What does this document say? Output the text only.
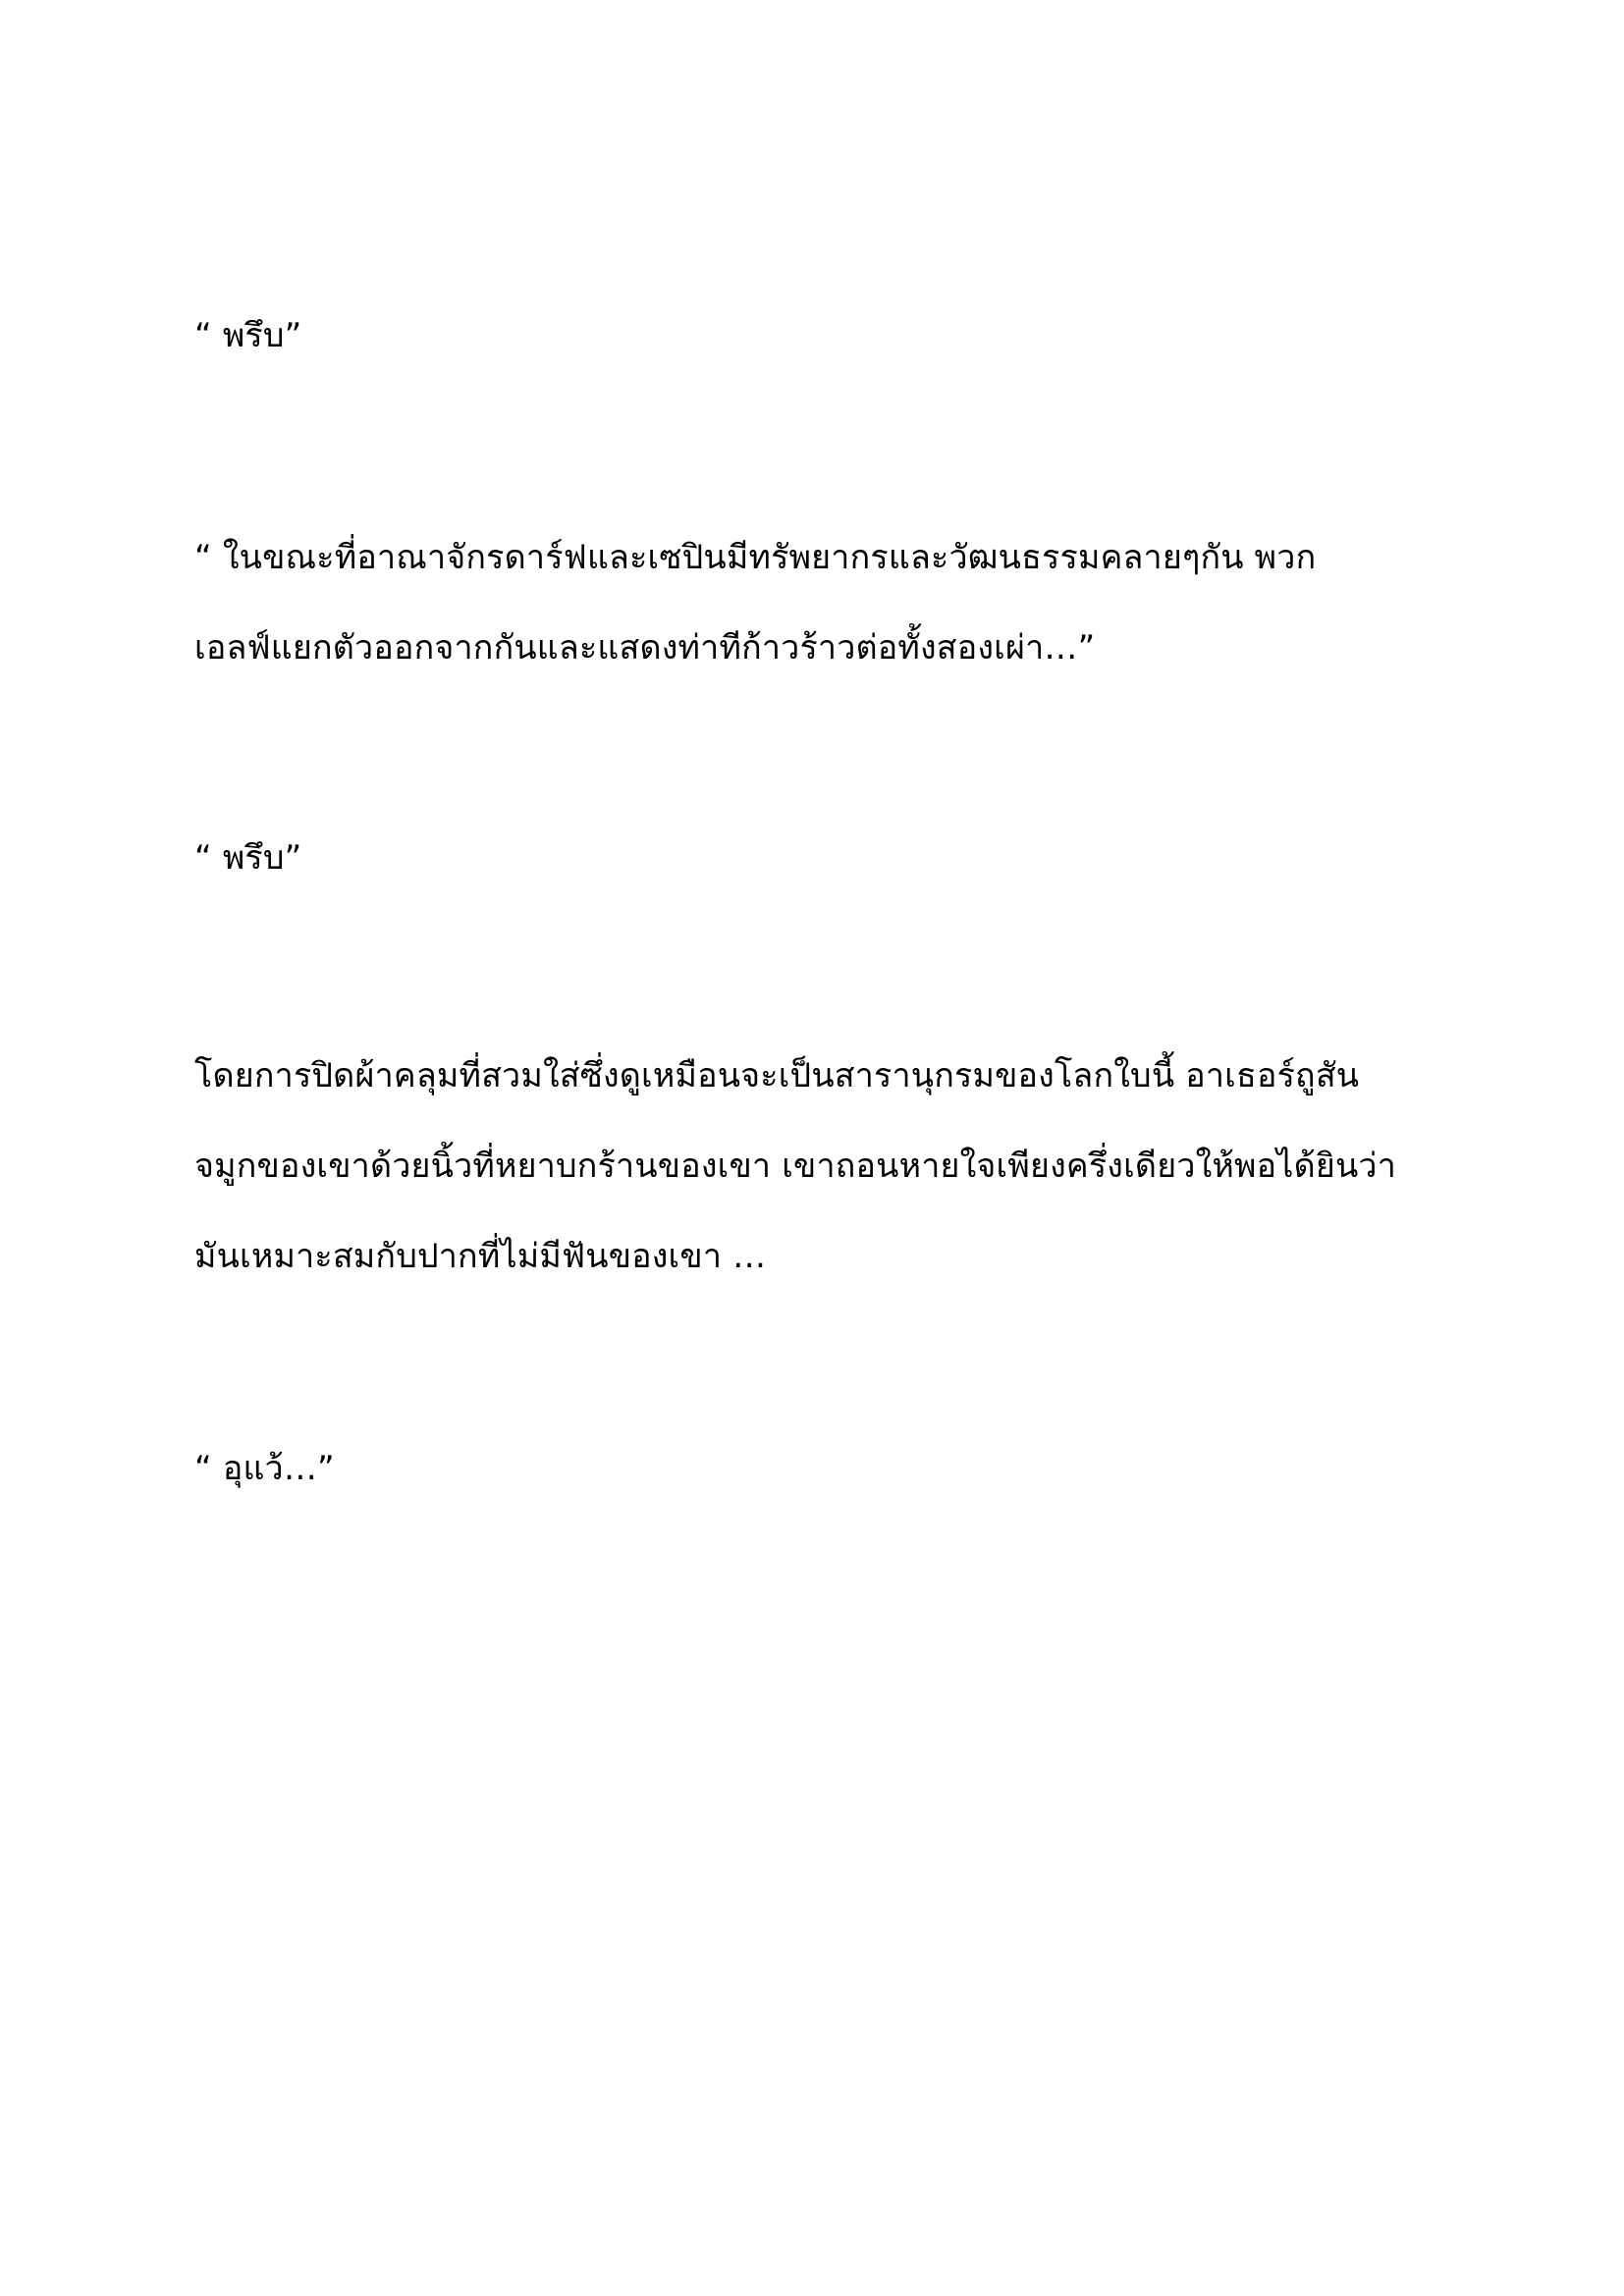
“ พรึบ”

“ ในขณะที่อาณาจักรดาร์ฟและเซปินมีทรัพยากรและวัฒนธรรมคลายๆกัน พวก
เอลฟ์แยกตัวออกจากกันและแสดงท่าทีก้าวร้าวต่อทั้งสองเผ่า…”

“ พรึบ”

โดยการปิดผ้าคลุมที่สวมใส่ซึ่งดูเหมือนจะเป็นสารานุกรมของโลกใบนี้ อาเธอร์ถูสัน
จมูกของเขาด้วยนิ้วที่หยาบกร้านของเขา เขาถอนหายใจเพียงครึ่งเดียวให้พอได้ยินว่า
มันเหมาะสมกับปากที่ไม่มีฟันของเขา …

“ อุแว้…”
